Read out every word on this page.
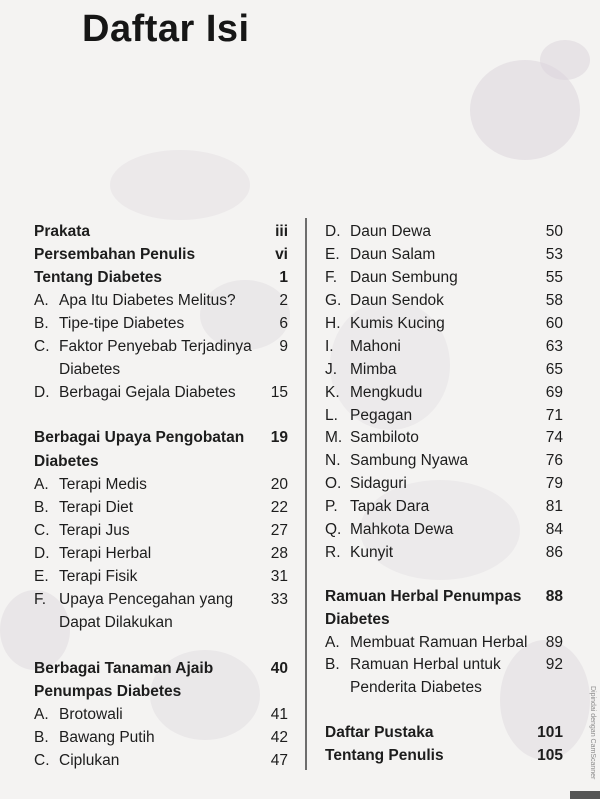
Daftar Isi
Prakata	iii
Persembahan Penulis	vi
Tentang Diabetes	1
A. Apa Itu Diabetes Melitus?	2
B. Tipe-tipe Diabetes	6
C. Faktor Penyebab Terjadinya 9
Diabetes
D. Berbagai Gejala Diabetes 15
Berbagai Upaya Pengobatan 19
Diabetes
A. Terapi Medis	20
B. Terapi Diet	22
C. Terapi Jus	27
D. Terapi Herbal	28
E. Terapi Fisik	31
F. Upaya Pencegahan yang 33
Dapat Dilakukan
Berbagai Tanaman Ajaib	40
Penumpas Diabetes
A. Brotowali	41
B. Bawang Putih	42
C. Ciplukan	47
D. Daun Dewa	50
E. Daun Salam	53
F. Daun Sembung	55
G. Daun Sendok	58
H. Kumis Kucing	60
I. Mahoni	63
J. Mimba	65
K. Mengkudu	69
L. Pegagan	71
M. Sambiloto	74
N. Sambung Nyawa	76
O. Sidaguri	79
P. Tapak Dara	81
Q. Mahkota Dewa	84
R. Kunyit	86
Ramuan Herbal Penumpas 88
Diabetes
A. Membuat Ramuan Herbal 89
B. Ramuan Herbal untuk	92
Penderita Diabetes
Daftar Pustaka	101
Tentang Penulis	105	Dipindai dengan CamScanner
